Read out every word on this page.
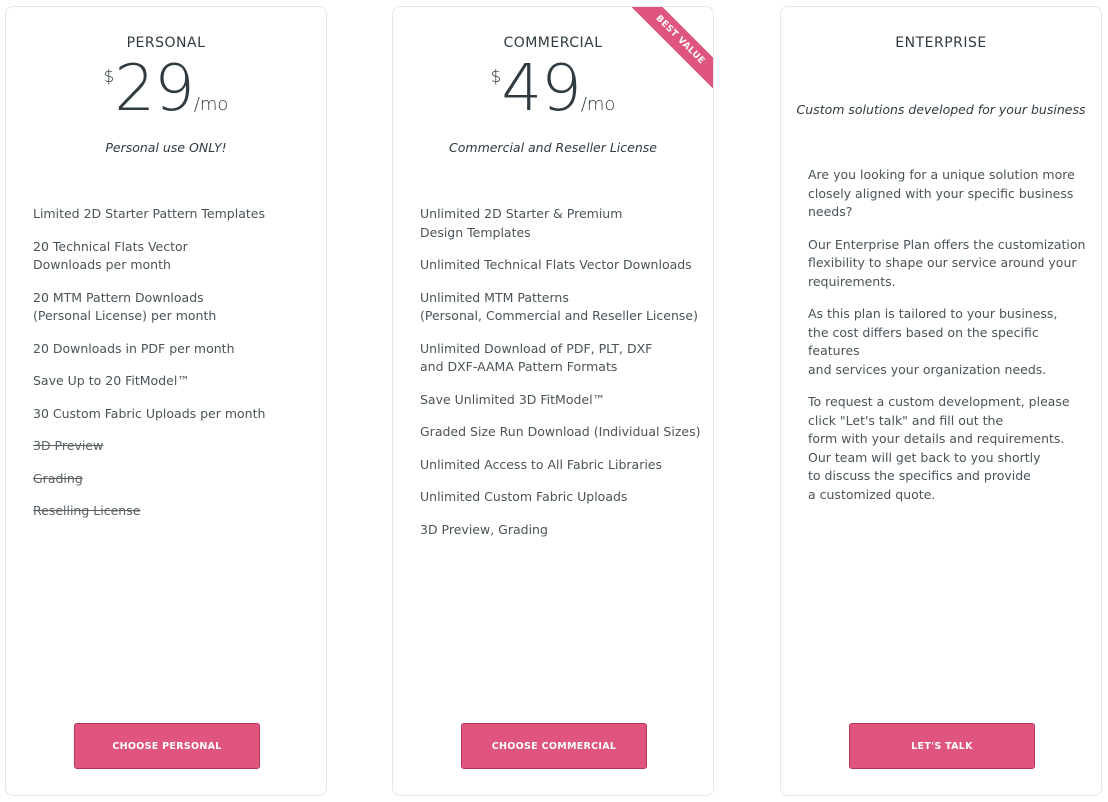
PERSONAL
$29/mo
Personal use ONLY!
Limited 2D Starter Pattern Templates
20 Technical Flats Vector
Downloads per month
20 MTM Pattern Downloads
(Personal License) per month
20 Downloads in PDF per month
Save Up to 20 FitModel™
30 Custom Fabric Uploads per month
3D Preview
Grading
Reselling License
CHOOSE PERSONAL
BEST VALUE
COMMERCIAL
$49/mo
Commercial and Reseller License
Unlimited 2D Starter & Premium
Design Templates
Unlimited Technical Flats Vector Downloads
Unlimited MTM Patterns
(Personal, Commercial and Reseller License)
Unlimited Download of PDF, PLT, DXF
and DXF-AAMA Pattern Formats
Save Unlimited 3D FitModel™
Graded Size Run Download (Individual Sizes)
Unlimited Access to All Fabric Libraries
Unlimited Custom Fabric Uploads
3D Preview, Grading
CHOOSE COMMERCIAL
ENTERPRISE
Custom solutions developed for your business

Are you looking for a unique solution more
closely aligned with your specific business
needs?

Our Enterprise Plan offers the customization
flexibility to shape our service around your
requirements.

As this plan is tailored to your business,
the cost differs based on the specific
features
and services your organization needs.

To request a custom development, please
click "Let's talk" and fill out the
form with your details and requirements.
Our team will get back to you shortly
to discuss the specifics and provide
a customized quote.

LET'S TALK
